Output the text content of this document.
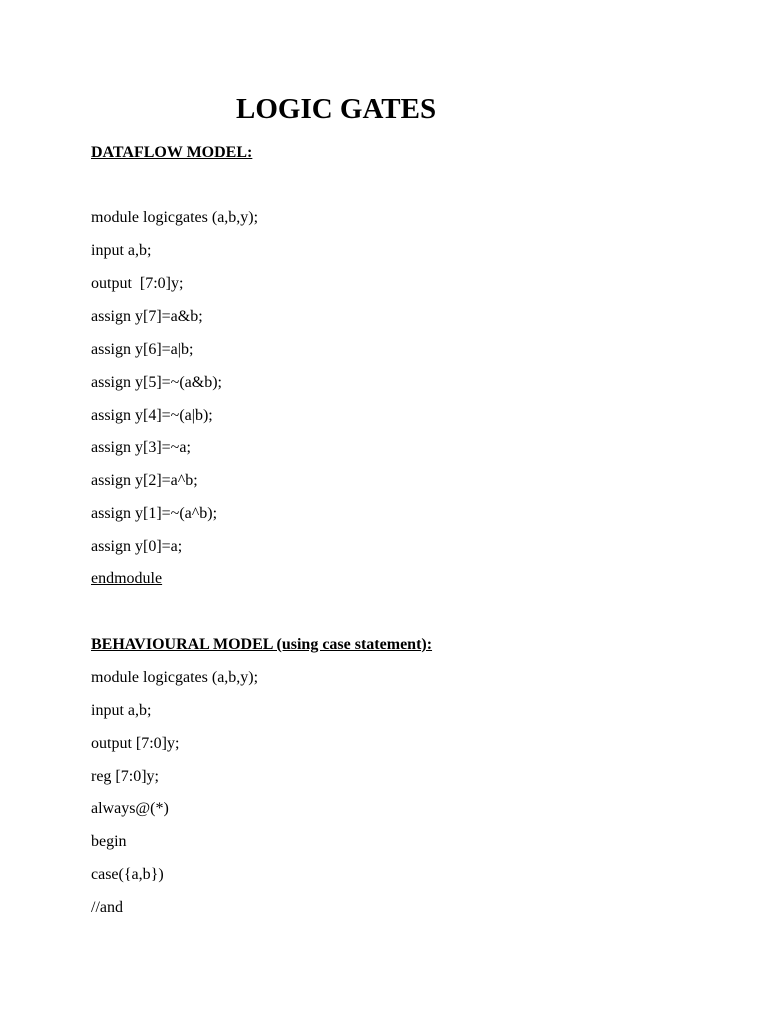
LOGIC GATES
DATAFLOW MODEL:
module logicgates (a,b,y);
input a,b;
output  [7:0]y;
assign y[7]=a&b;
assign y[6]=a|b;
assign y[5]=~(a&b);
assign y[4]=~(a|b);
assign y[3]=~a;
assign y[2]=a^b;
assign y[1]=~(a^b);
assign y[0]=a;
endmodule
BEHAVIOURAL MODEL (using case statement):
module logicgates (a,b,y);
input a,b;
output [7:0]y;
reg [7:0]y;
always@(*)
begin
case({a,b})
//and
